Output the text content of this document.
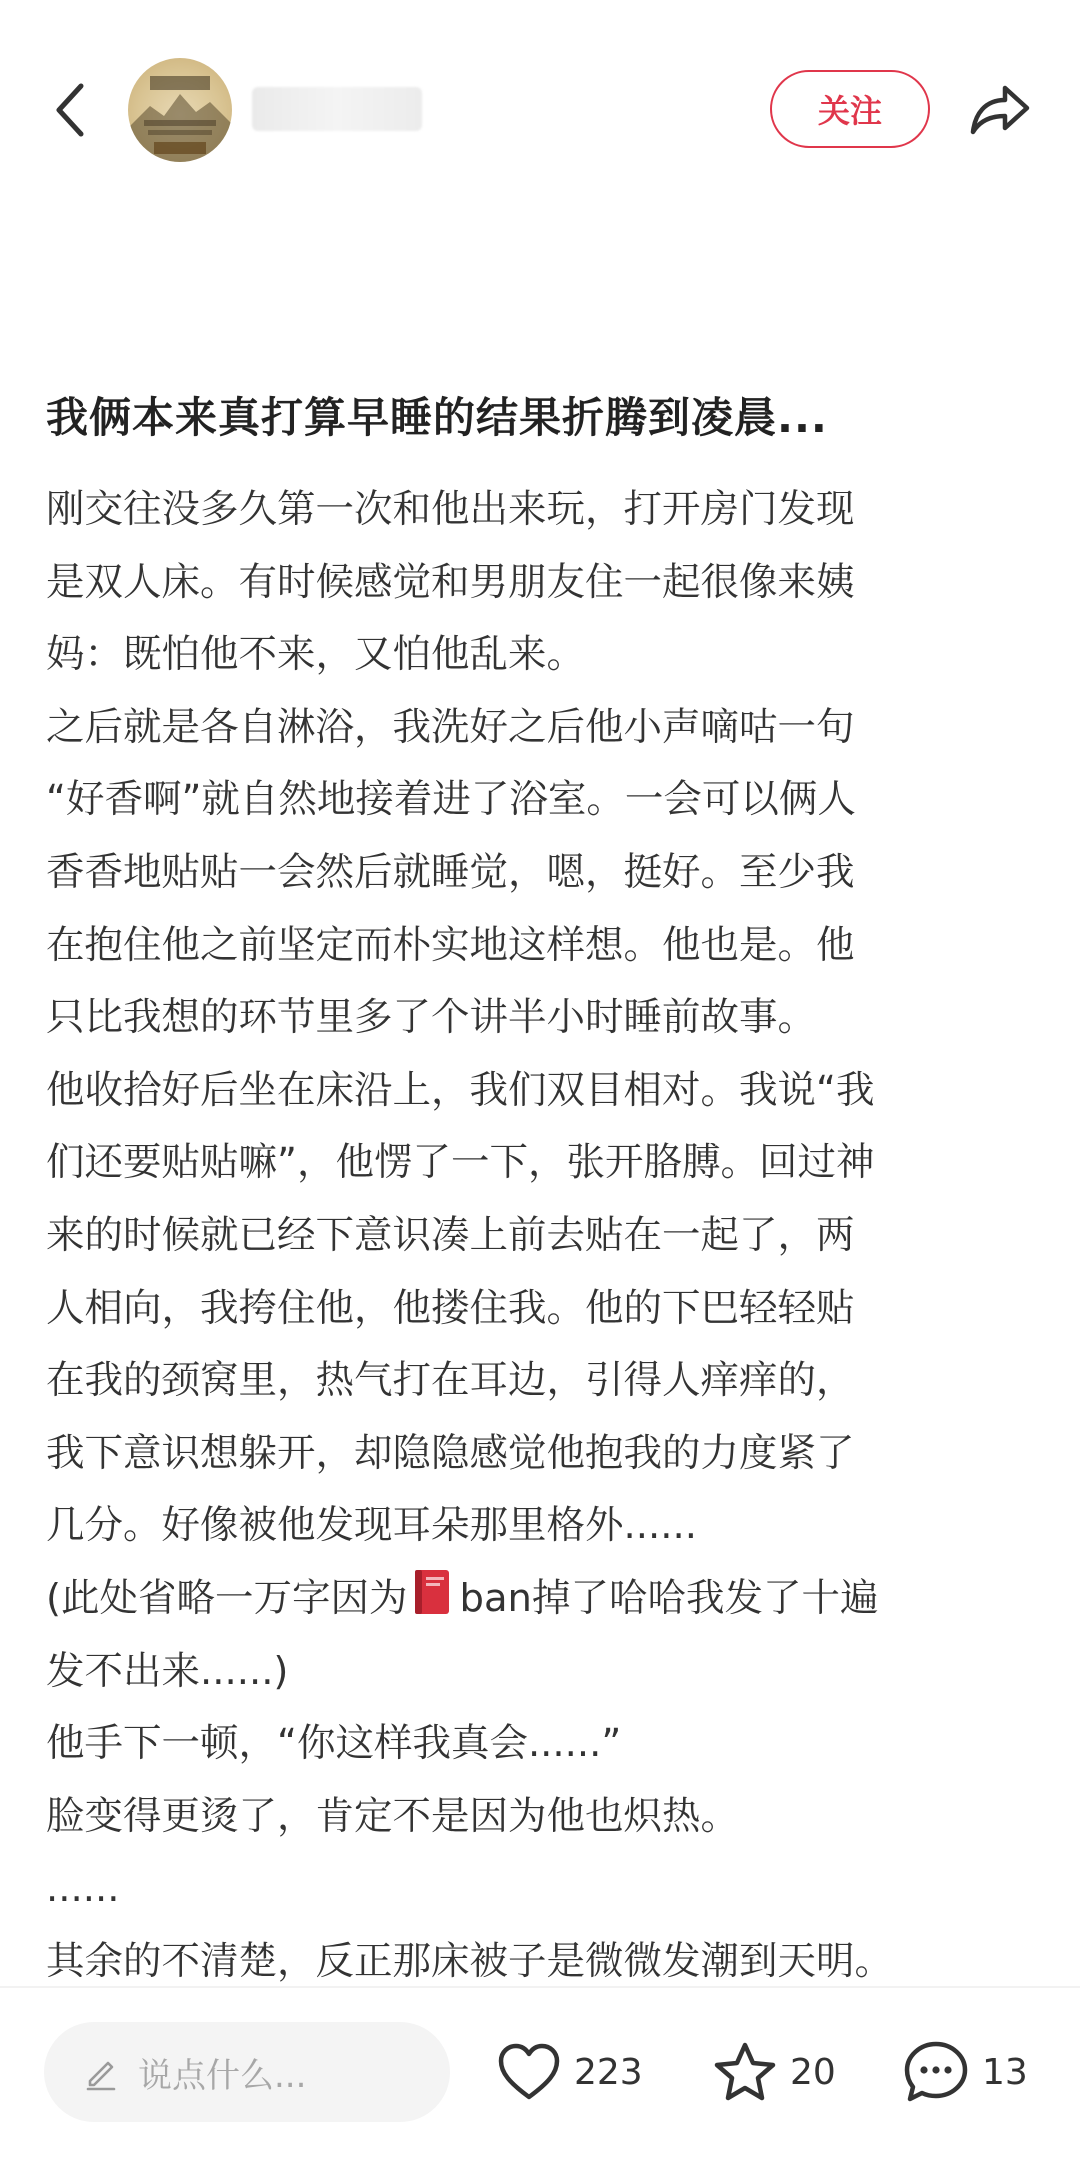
关注
我俩本来真打算早睡的结果折腾到凌晨...
刚交往没多久第一次和他出来玩，打开房门发现
是双人床。有时候感觉和男朋友住一起很像来姨
妈：既怕他不来，又怕他乱来。
之后就是各自淋浴，我洗好之后他小声嘀咕一句
“好香啊”就自然地接着进了浴室。一会可以俩人
香香地贴贴一会然后就睡觉，嗯，挺好。至少我
在抱住他之前坚定而朴实地这样想。他也是。他
只比我想的环节里多了个讲半小时睡前故事。
他收拾好后坐在床沿上，我们双目相对。我说“我
们还要贴贴嘛”，他愣了一下，张开胳膊。回过神
来的时候就已经下意识凑上前去贴在一起了，两
人相向，我挎住他，他搂住我。他的下巴轻轻贴
在我的颈窝里，热气打在耳边，引得人痒痒的，
我下意识想躲开，却隐隐感觉他抱我的力度紧了
几分。好像被他发现耳朵那里格外......
(此处省略一万字因为 ban掉了哈哈我发了十遍
发不出来......)
他手下一顿，“你这样我真会......”
脸变得更烫了，肯定不是因为他也炽热。
......
其余的不清楚，反正那床被子是微微发潮到天明。
说点什么...	223	20	13
